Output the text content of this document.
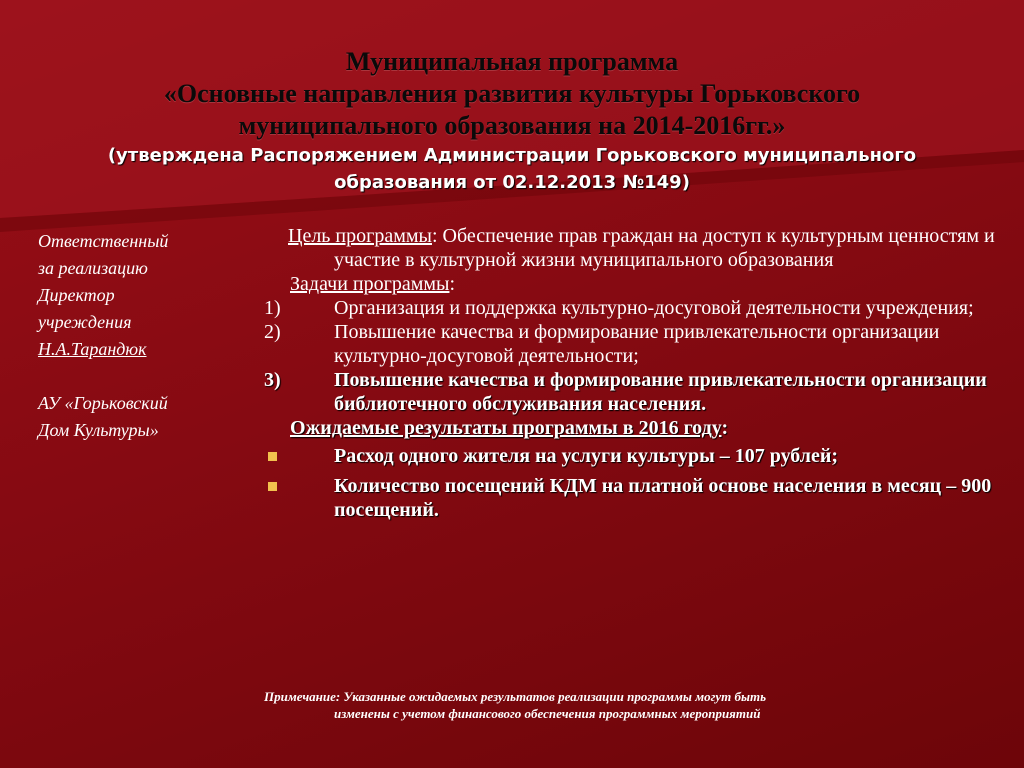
Муниципальная программа
«Основные направления развития культуры Горьковского
муниципального образования на 2014-2016гг.»
(утверждена Распоряжением Администрации Горьковского муниципального
образования от 02.12.2013 №149)
Ответственный
за реализацию
Директор
учреждения
Н.А.Тарандюк
АУ «Горьковский
Дом Культуры»
Цель программы: Обеспечение прав граждан на доступ к культурным ценностям и участие в культурной жизни муниципального образования
Задачи программы:
1)	Организация и поддержка культурно-досуговой деятельности учреждения;
2)	Повышение качества и формирование привлекательности организации культурно-досуговой деятельности;
3)	Повышение качества и формирование привлекательности организации библиотечного обслуживания населения.
Ожидаемые результаты программы в 2016 году:
Расход одного жителя на услуги культуры – 107 рублей;
Количество посещений КДМ на платной основе населения в месяц – 900 посещений.
Примечание: Указанные ожидаемых результатов реализации программы могут быть
изменены с учетом финансового обеспечения программных мероприятий
